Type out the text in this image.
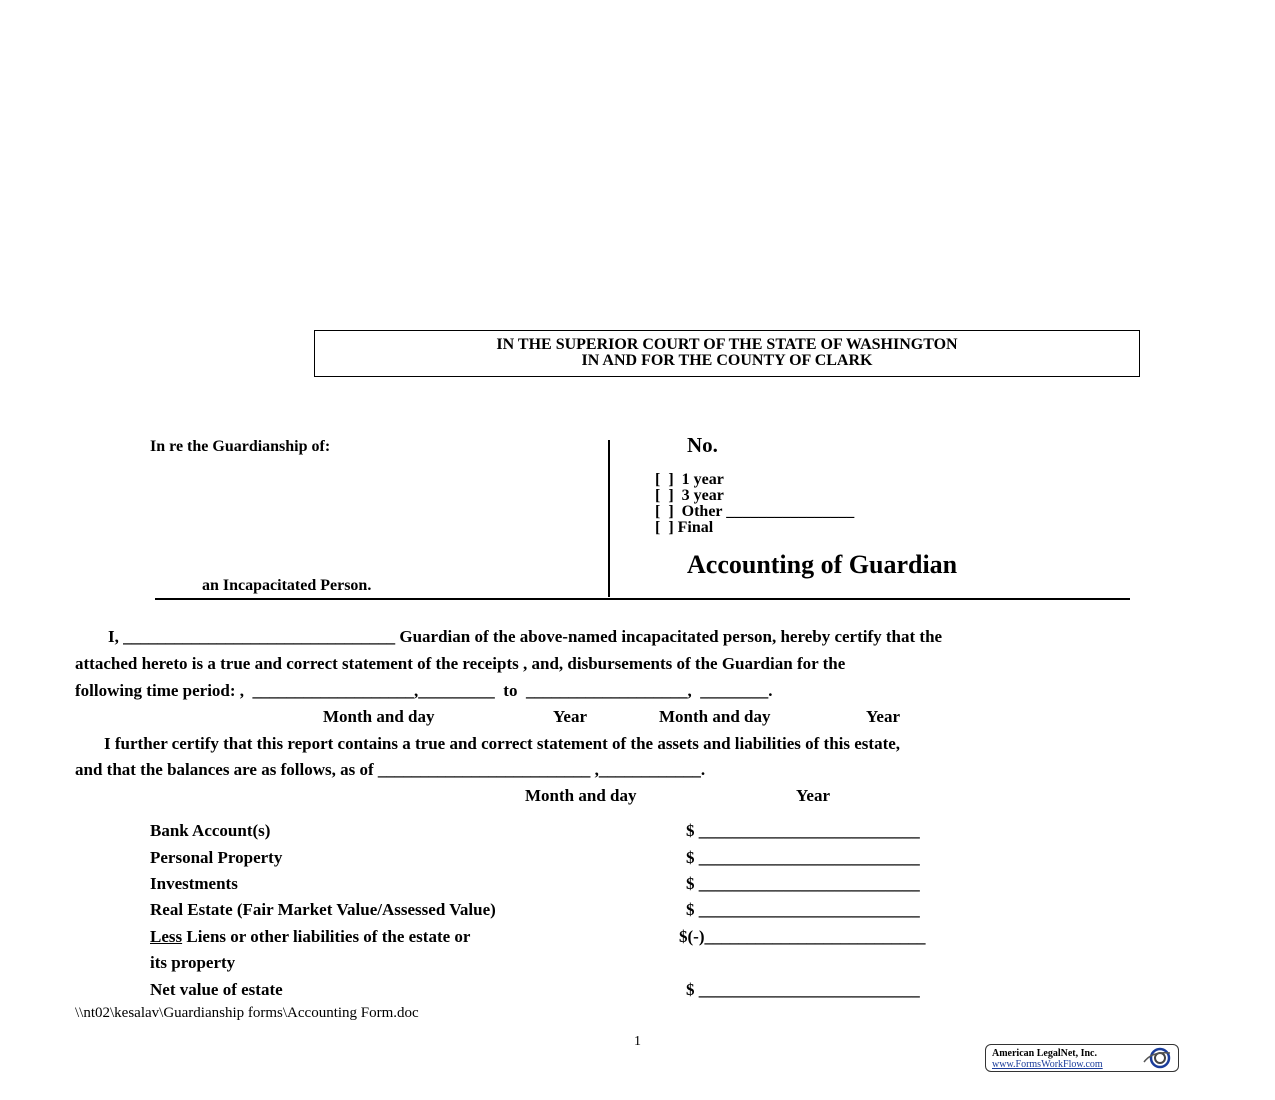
IN THE SUPERIOR COURT OF THE STATE OF WASHINGTON
IN AND FOR THE COUNTY OF CLARK
In re the Guardianship of:
an Incapacitated Person.
No.
[  ]  1 year
[  ]  3 year
[  ]  Other ________________
[  ] Final
Accounting of Guardian
I, ________________________________ Guardian of the above-named incapacitated person, hereby certify that the
attached hereto is a true and correct statement of the receipts , and, disbursements of the Guardian for the
following time period: ,  ___________________,_________  to  ___________________,  ________.
Month and day	Year	Month and day	Year
I further certify that this report contains a true and correct statement of the assets and liabilities of this estate,
and that the balances are as follows, as of _________________________ ,____________.
Month and day	Year
Bank Account(s)	$ __________________________
Personal Property	$ __________________________
Investments	$ __________________________
Real Estate (Fair Market Value/Assessed Value)	$ __________________________
Less Liens or other liabilities of the estate or	$(-)__________________________
its property
Net value of estate	$ __________________________
\\nt02\kesalav\Guardianship forms\Accounting Form.doc
1
American LegalNet, Inc.
www.FormsWorkFlow.com
